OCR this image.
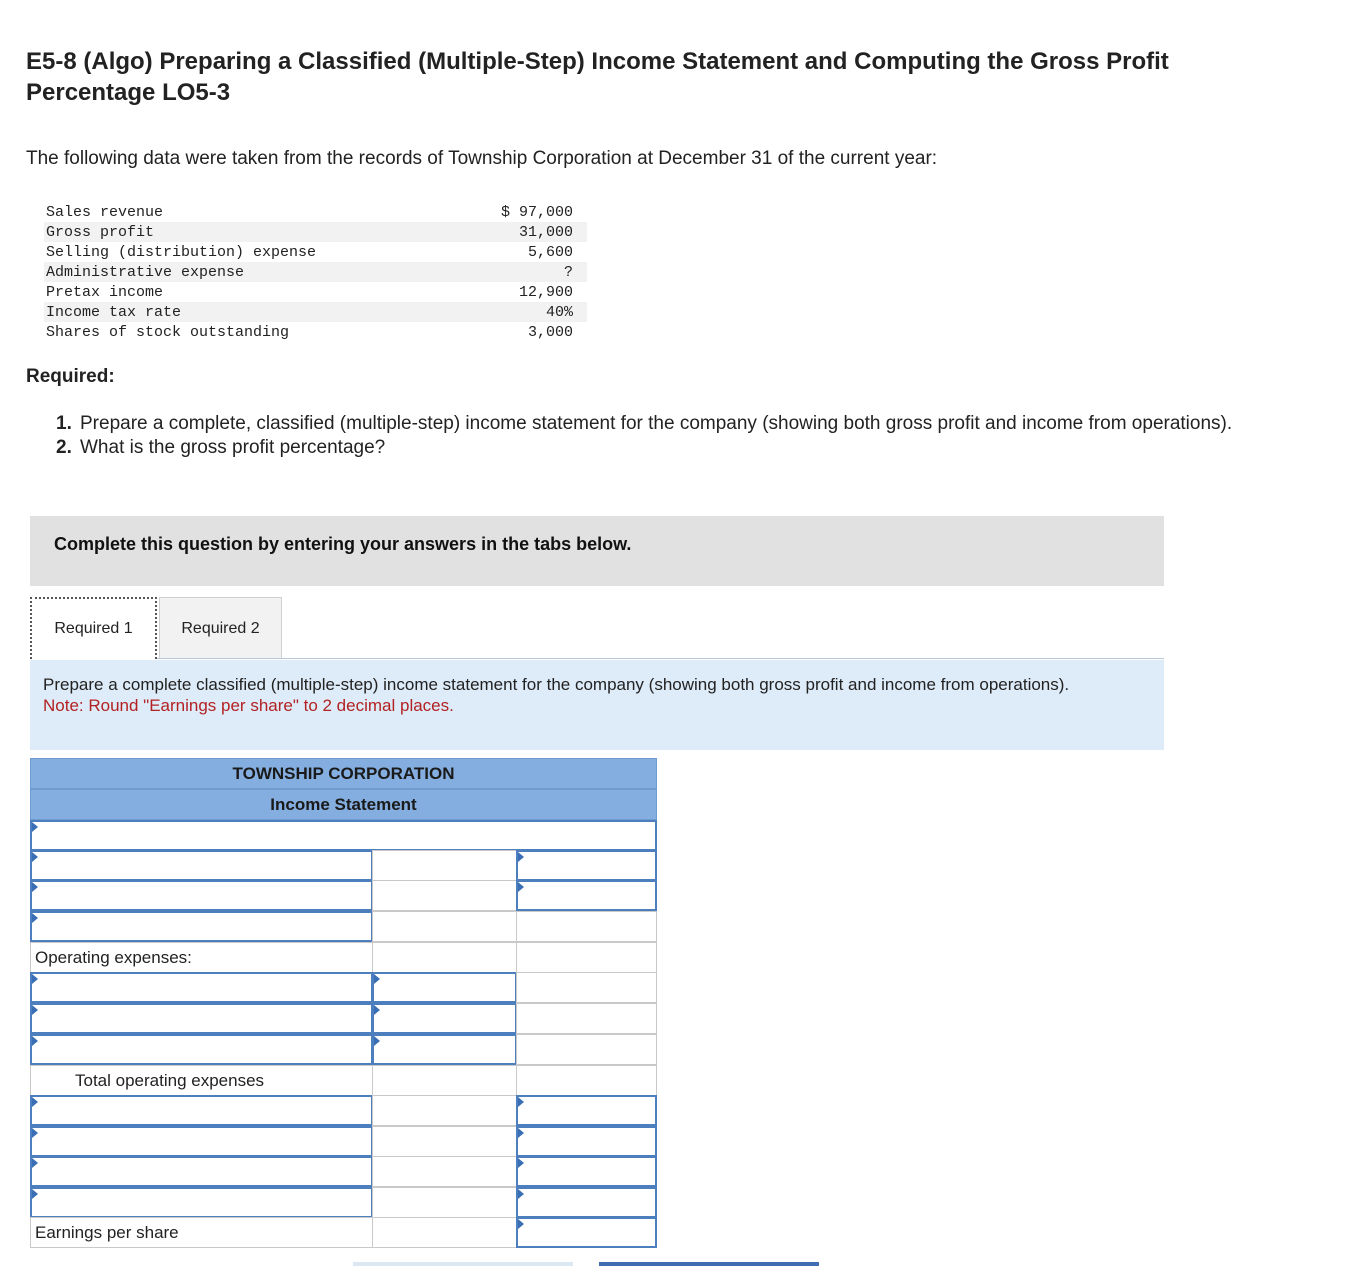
E5-8 (Algo) Preparing a Classified (Multiple-Step) Income Statement and Computing the Gross Profit Percentage LO5-3
The following data were taken from the records of Township Corporation at December 31 of the current year:
Sales revenue	$ 97,000
Gross profit	31,000
Selling (distribution) expense	5,600
Administrative expense	?
Pretax income	12,900
Income tax rate	40%
Shares of stock outstanding	3,000
Required:
1. Prepare a complete, classified (multiple-step) income statement for the company (showing both gross profit and income from operations).
2. What is the gross profit percentage?
Complete this question by entering your answers in the tabs below.
Required 1	Required 2
Prepare a complete classified (multiple-step) income statement for the company (showing both gross profit and income from operations).
Note: Round "Earnings per share" to 2 decimal places.
TOWNSHIP CORPORATION
Income Statement
Operating expenses:
Total operating expenses
Earnings per share
